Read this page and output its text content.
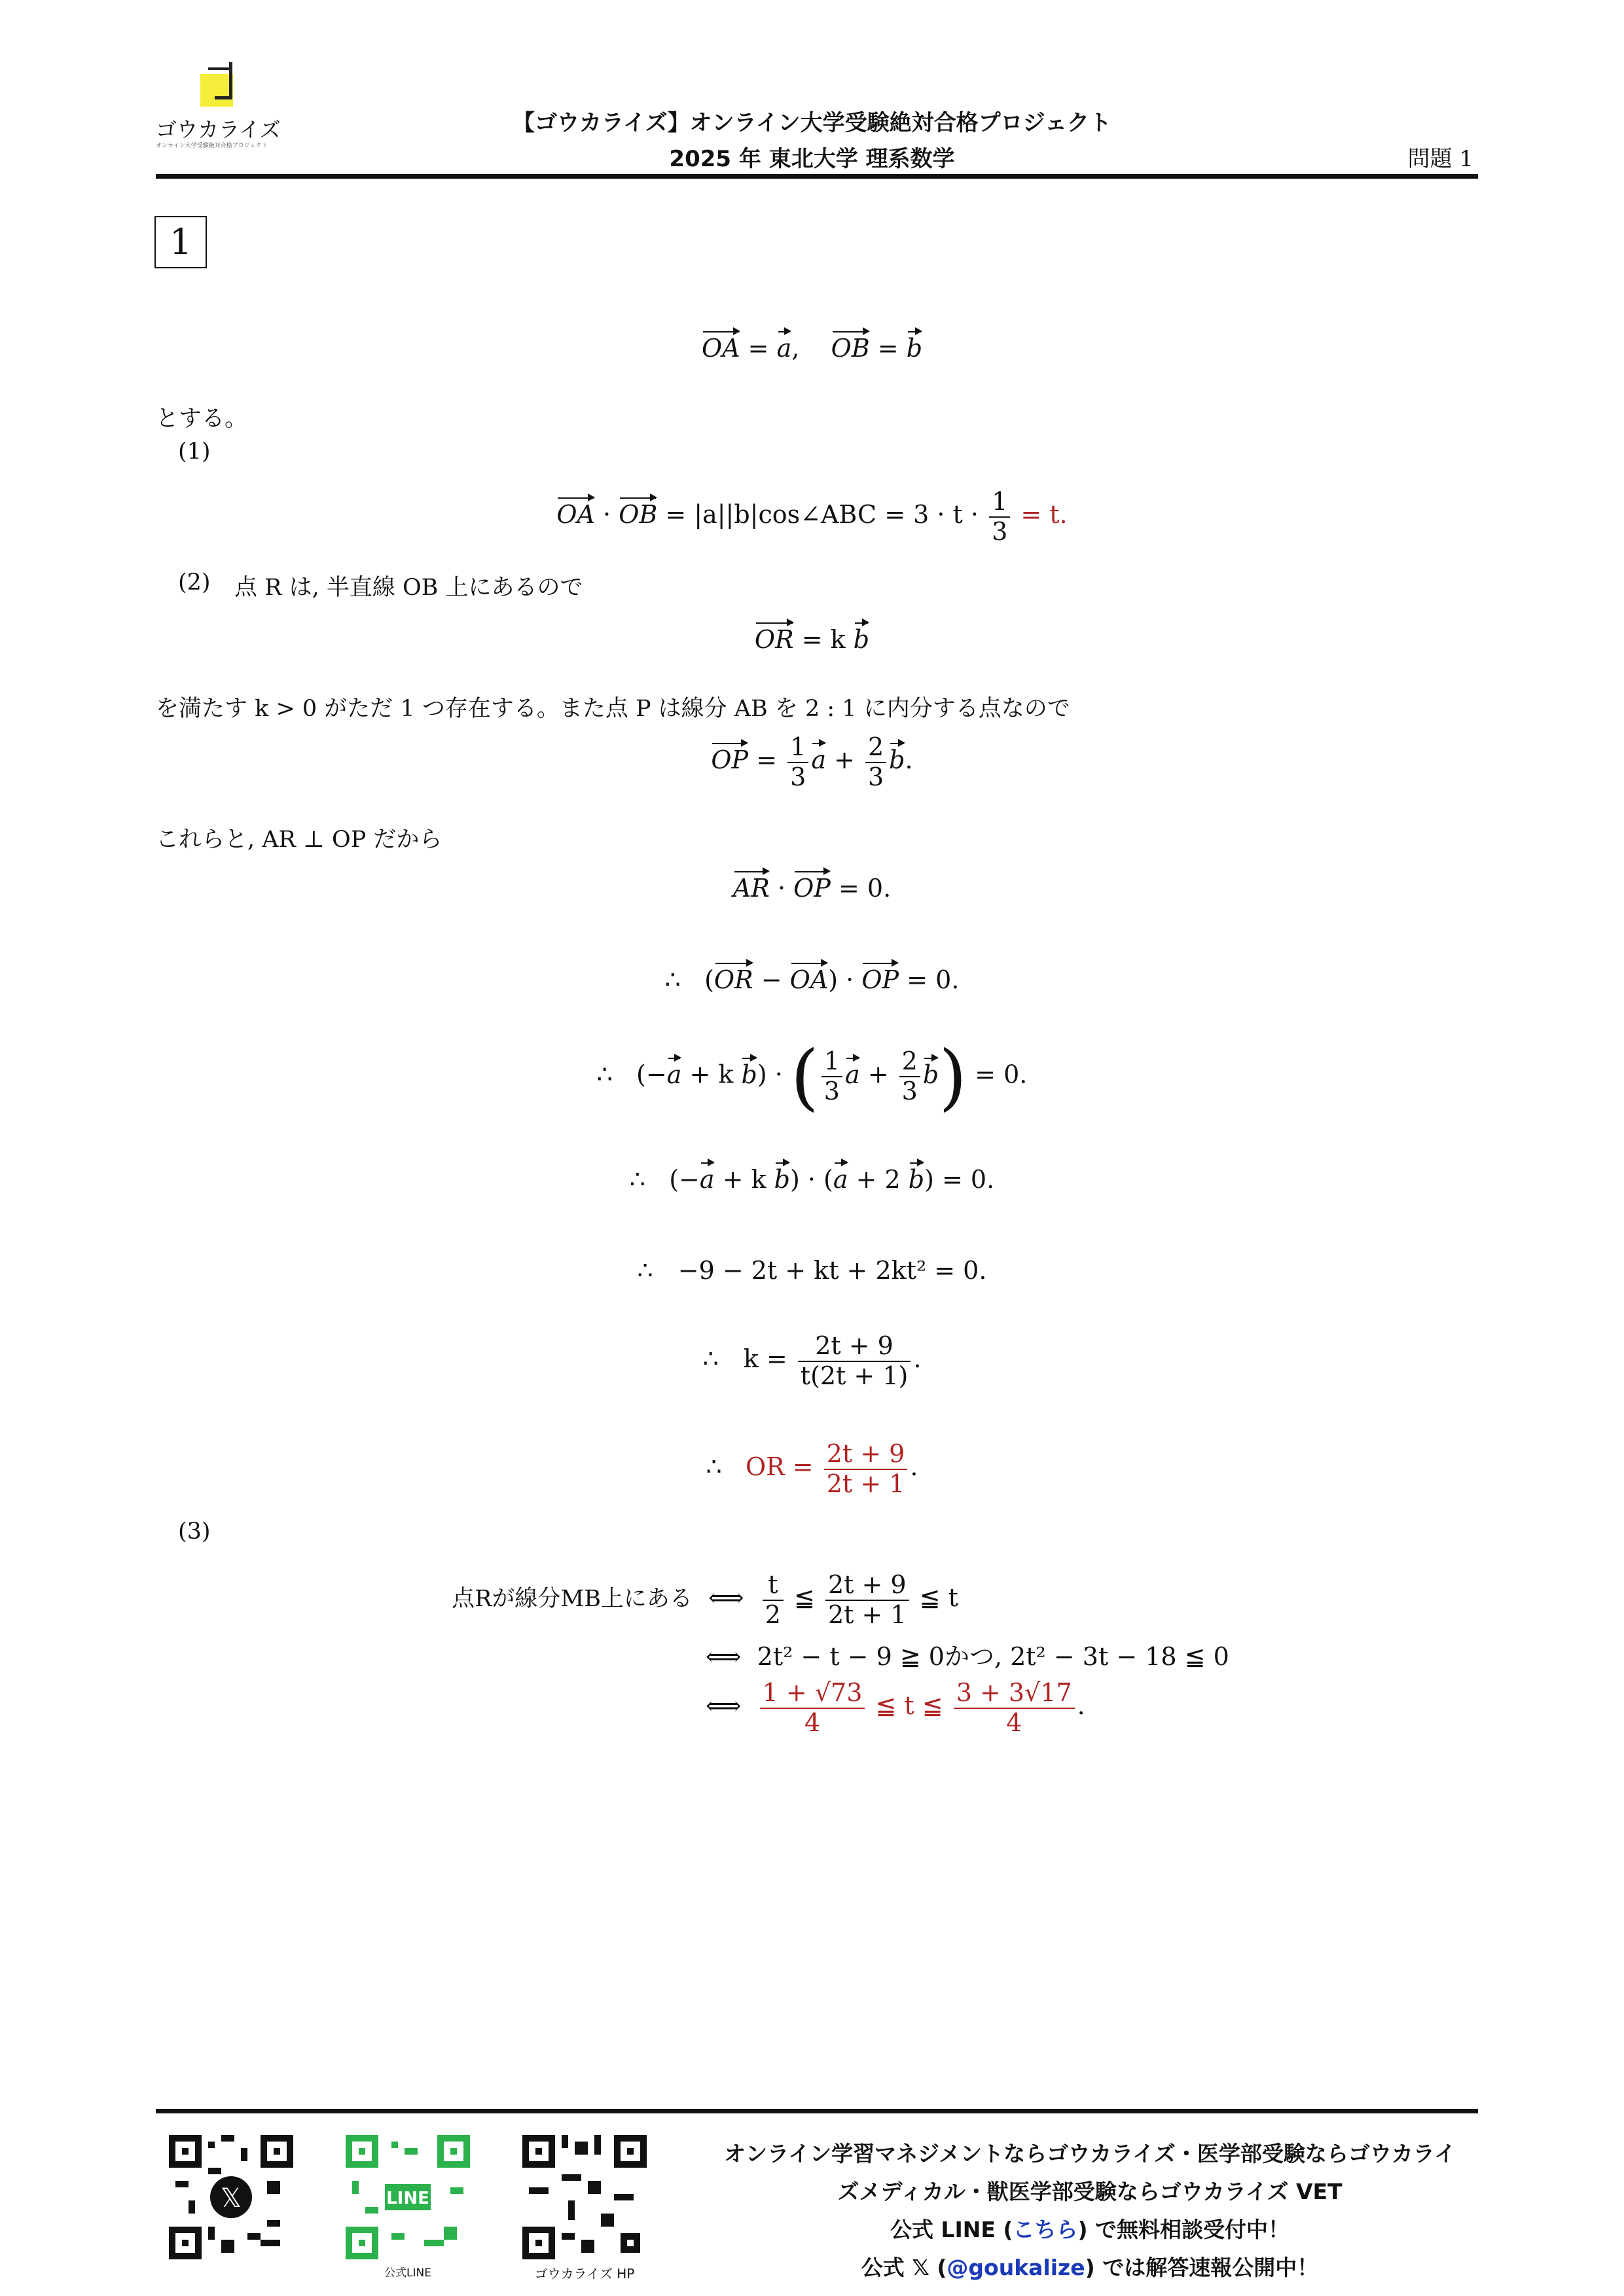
ゴウカライズ
オンライン大学受験絶対合格プロジェクト
【ゴウカライズ】オンライン大学受験絶対合格プロジェクト
2025 年 東北大学 理系数学	問題 1
1
OA = a,    OB = b
とする。
(1)
OA · OB = |a||b|cos∠ABC = $3 \cdot t \cdot \frac{1}{3} = t$.
(2) 点 R は, 半直線 OB 上にあるので
OR = k b
を満たす k > 0 がただ 1 つ存在する。また点 P は線分 AB を 2 : 1 に内分する点なので
OP = $\frac{1}{3}$ $a + \frac{2}{3} b$.
これらと, AR ⊥ OP だから
AR · OP = 0.
∴   (OR − OA) · OP = 0.
∴   (−a + k b) · ( $\frac{1}{3}$ $a + \frac{2}{3} b) = 0$.
∴   (−a + k b) · (a + 2 b) = 0.
∴　−9 − 2t + kt + 2kt² = 0.
∴　$k = \frac{2t + 9}{t(2t + 1)}$ .
∴   OR = $\frac{2t + 9}{2t + 1}$ .
(3)
点Rが線分MB上にある ⟺ $\frac{t}{2}$ ≦ $\frac{2t + 9}{2t + 1}$ ≦ t
⟺ 2t² − t − 9 ≧ 0かつ, 2t² − 3t − 18 ≦ 0
⟺ $\frac{1 + √73}{4}$ ≦ t ≦ $\frac{3 + 3√17}{4}$ .
𝕏	LINE
公式LINE	ゴウカライズ HP
オンライン学習マネジメントならゴウカライズ・医学部受験ならゴウカライ
ズメディカル・獣医学部受験ならゴウカライズ VET
公式 LINE (こちら) で無料相談受付中！
公式 𝕏 (@goukalize) では解答速報公開中！
